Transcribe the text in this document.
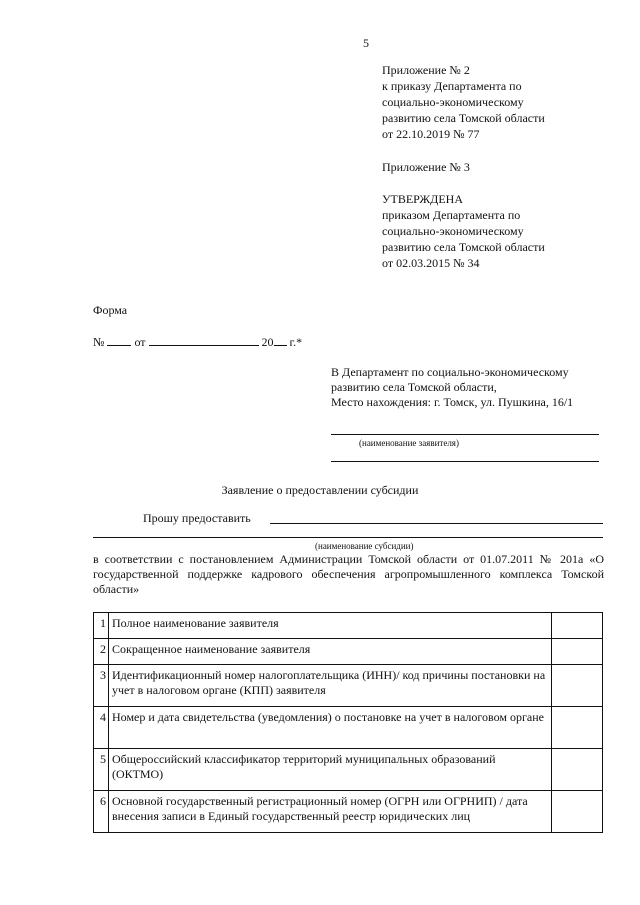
5
Приложение № 2
к приказу Департамента по
социально-экономическому
развитию села Томской области
от 22.10.2019 № 77
Приложение № 3
УТВЕРЖДЕНА
приказом Департамента по
социально-экономическому
развитию села Томской области
от 02.03.2015 № 34
Форма
№	от	20 г.*
В Департамент по социально-экономическому
развитию села Томской области,
Место нахождения: г. Томск, ул. Пушкина, 16/1
(наименование заявителя)
Заявление о предоставлении субсидии
Прошу предоставить
(наименование субсидии)
в соответствии с постановлением Администрации Томской области от 01.07.2011 № 201а «О государственной поддержке кадрового обеспечения агропромышленного комплекса Томской области»
1	Полное наименование заявителя	
2	Сокращенное наименование заявителя	
3	Идентификационный номер налогоплательщика (ИНН)/ код причины постановки на учет в налоговом органе (КПП) заявителя	
4	Номер и дата свидетельства (уведомления) о постановке на учет в налоговом органе	
5	Общероссийский классификатор территорий муниципальных образований (ОКТМО)	
6	Основной государственный регистрационный номер (ОГРН или ОГРНИП) / дата внесения записи в Единый государственный реестр юридических лиц	
